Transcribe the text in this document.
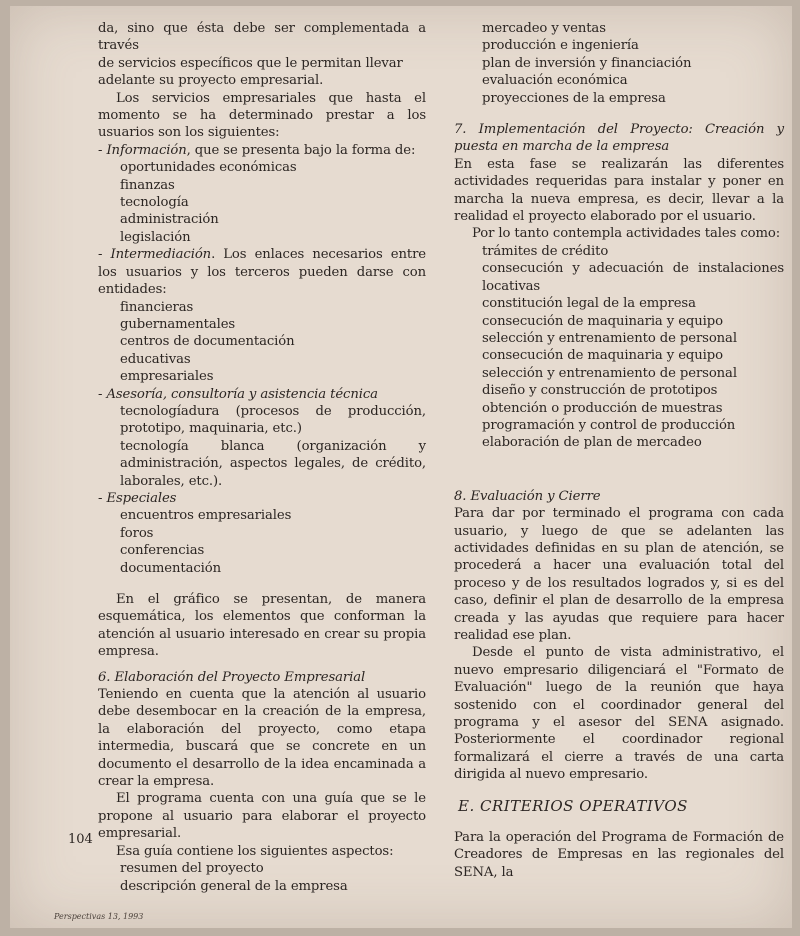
da, sino que ésta debe ser complementada a través

de servicios específicos que le permitan llevar

adelante su proyecto empresarial.

Los servicios empresariales que hasta el momento se ha determinado prestar a los usuarios son los siguientes:

- Información, que se presenta bajo la forma de:

oportunidades económicas

finanzas

tecnología

administración

legislación

- Intermediación. Los enlaces necesarios entre los usuarios y los terceros pueden darse con entidades:

financieras

gubernamentales

centros de documentación

educativas

empresariales

- Asesoría, consultoría y asistencia técnica

tecnologíadura (procesos de producción, prototipo, maquinaria, etc.)

tecnología blanca (organización y administración, aspectos legales, de crédito, laborales, etc.).

- Especiales

encuentros empresariales

foros

conferencias

documentación

En el gráfico se presentan, de manera esquemática, los elementos que conforman la atención al usuario interesado en crear su propia empresa.

6. Elaboración del Proyecto Empresarial

Teniendo en cuenta que la atención al usuario debe desembocar en la creación de la empresa, la elaboración del proyecto, como etapa intermedia, buscará que se concrete en un documento el desarrollo de la idea encaminada a crear la empresa.

El programa cuenta con una guía que se le propone al usuario para elaborar el proyecto empresarial.

Esa guía contiene los siguientes aspectos:

resumen del proyecto

descripción general de la empresa

mercadeo y ventas

producción e ingeniería

plan de inversión y financiación

evaluación económica

proyecciones de la empresa

7. Implementación del Proyecto: Creación y puesta en marcha de la empresa

En esta fase se realizarán las diferentes actividades requeridas para instalar y poner en marcha la nueva empresa, es decir, llevar a la realidad el proyecto elaborado por el usuario.

Por lo tanto contempla actividades tales como:

trámites de crédito

consecución y adecuación de instalaciones locativas

constitución legal de la empresa

consecución de maquinaria y equipo

selección y entrenamiento de personal

consecución de maquinaria y equipo

selección y entrenamiento de personal

diseño y construcción de prototipos

obtención o producción de muestras

programación y control de producción

elaboración de plan de mercadeo

8. Evaluación y Cierre

Para dar por terminado el programa con cada usuario, y luego de que se adelanten las actividades definidas en su plan de atención, se procederá a hacer una evaluación total del proceso y de los resultados logrados y, si es del caso, definir el plan de desarrollo de la empresa creada y las ayudas que requiere para hacer realidad ese plan.

Desde el punto de vista administrativo, el nuevo empresario diligenciará el "Formato de Evaluación" luego de la reunión que haya sostenido con el coordinador general del programa y el asesor del SENA asignado. Posteriormente el coordinador regional formalizará el cierre a través de una carta dirigida al nuevo empresario.

E. CRITERIOS OPERATIVOS

Para la operación del Programa de Formación de Creadores de Empresas en las regionales del SENA, la

104
Perspectivas 13, 1993
